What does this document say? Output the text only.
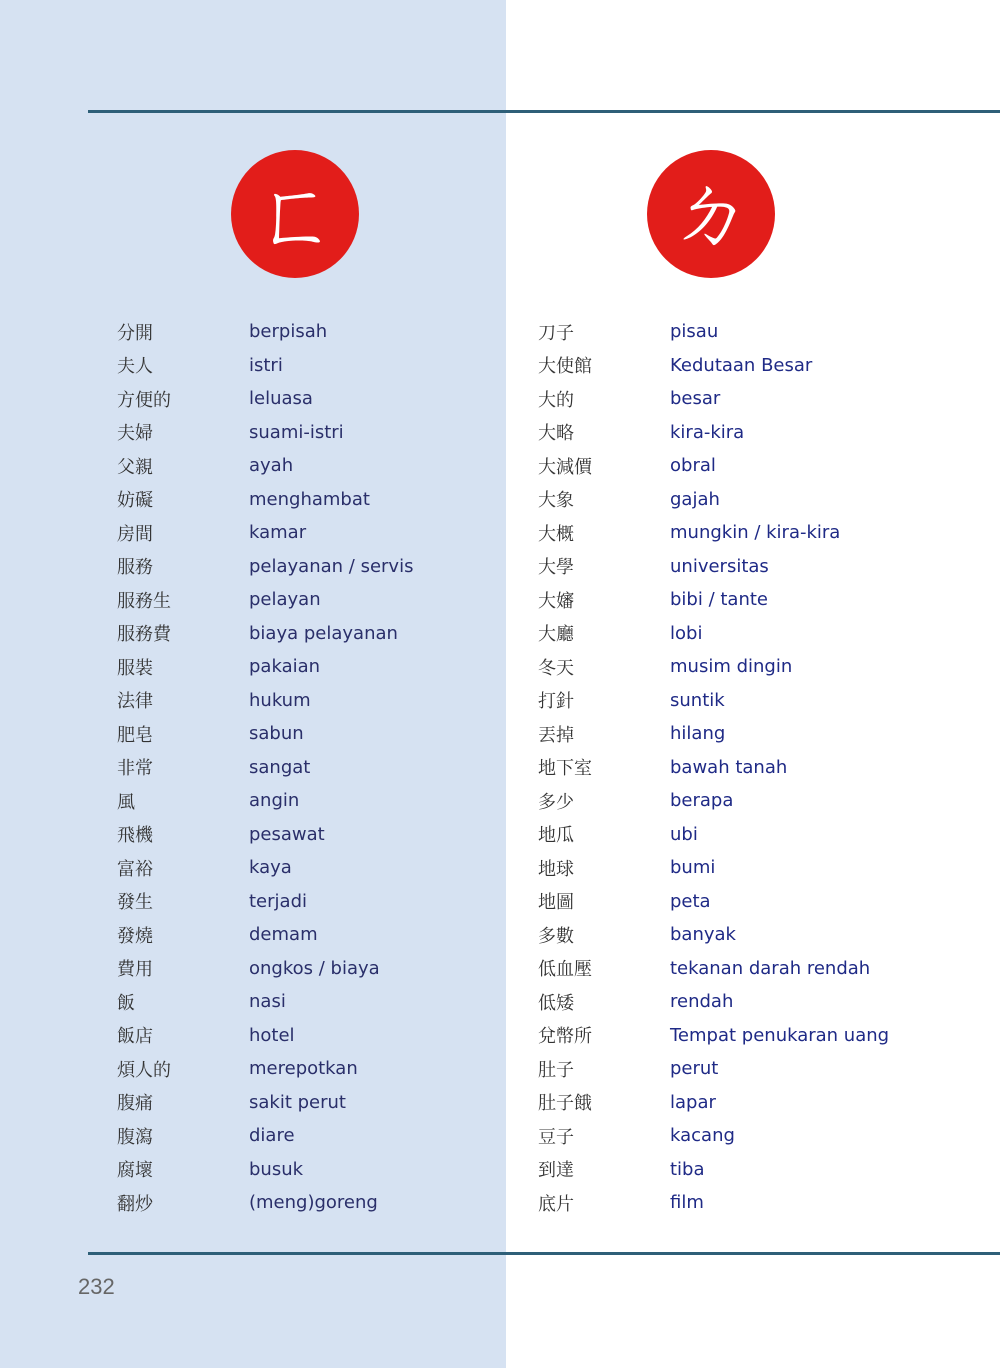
ㄈ	ㄉ
分開	berpisah
夫人	istri
方便的	leluasa
夫婦	suami-istri
父親	ayah
妨礙	menghambat
房間	kamar
服務	pelayanan / servis
服務生	pelayan
服務費	biaya pelayanan
服裝	pakaian
法律	hukum
肥皂	sabun
非常	sangat
風	angin
飛機	pesawat
富裕	kaya
發生	terjadi
發燒	demam
費用	ongkos / biaya
飯	nasi
飯店	hotel
煩人的	merepotkan
腹痛	sakit perut
腹瀉	diare
腐壞	busuk
翻炒	(meng)goreng
刀子	pisau
大使館	Kedutaan Besar
大的	besar
大略	kira-kira
大減價	obral
大象	gajah
大概	mungkin / kira-kira
大學	universitas
大嬸	bibi / tante
大廳	lobi
冬天	musim dingin
打針	suntik
丟掉	hilang
地下室	bawah tanah
多少	berapa
地瓜	ubi
地球	bumi
地圖	peta
多數	banyak
低血壓	tekanan darah rendah
低矮	rendah
兌幣所	Tempat penukaran uang
肚子	perut
肚子餓	lapar
豆子	kacang
到達	tiba
底片	film
232
